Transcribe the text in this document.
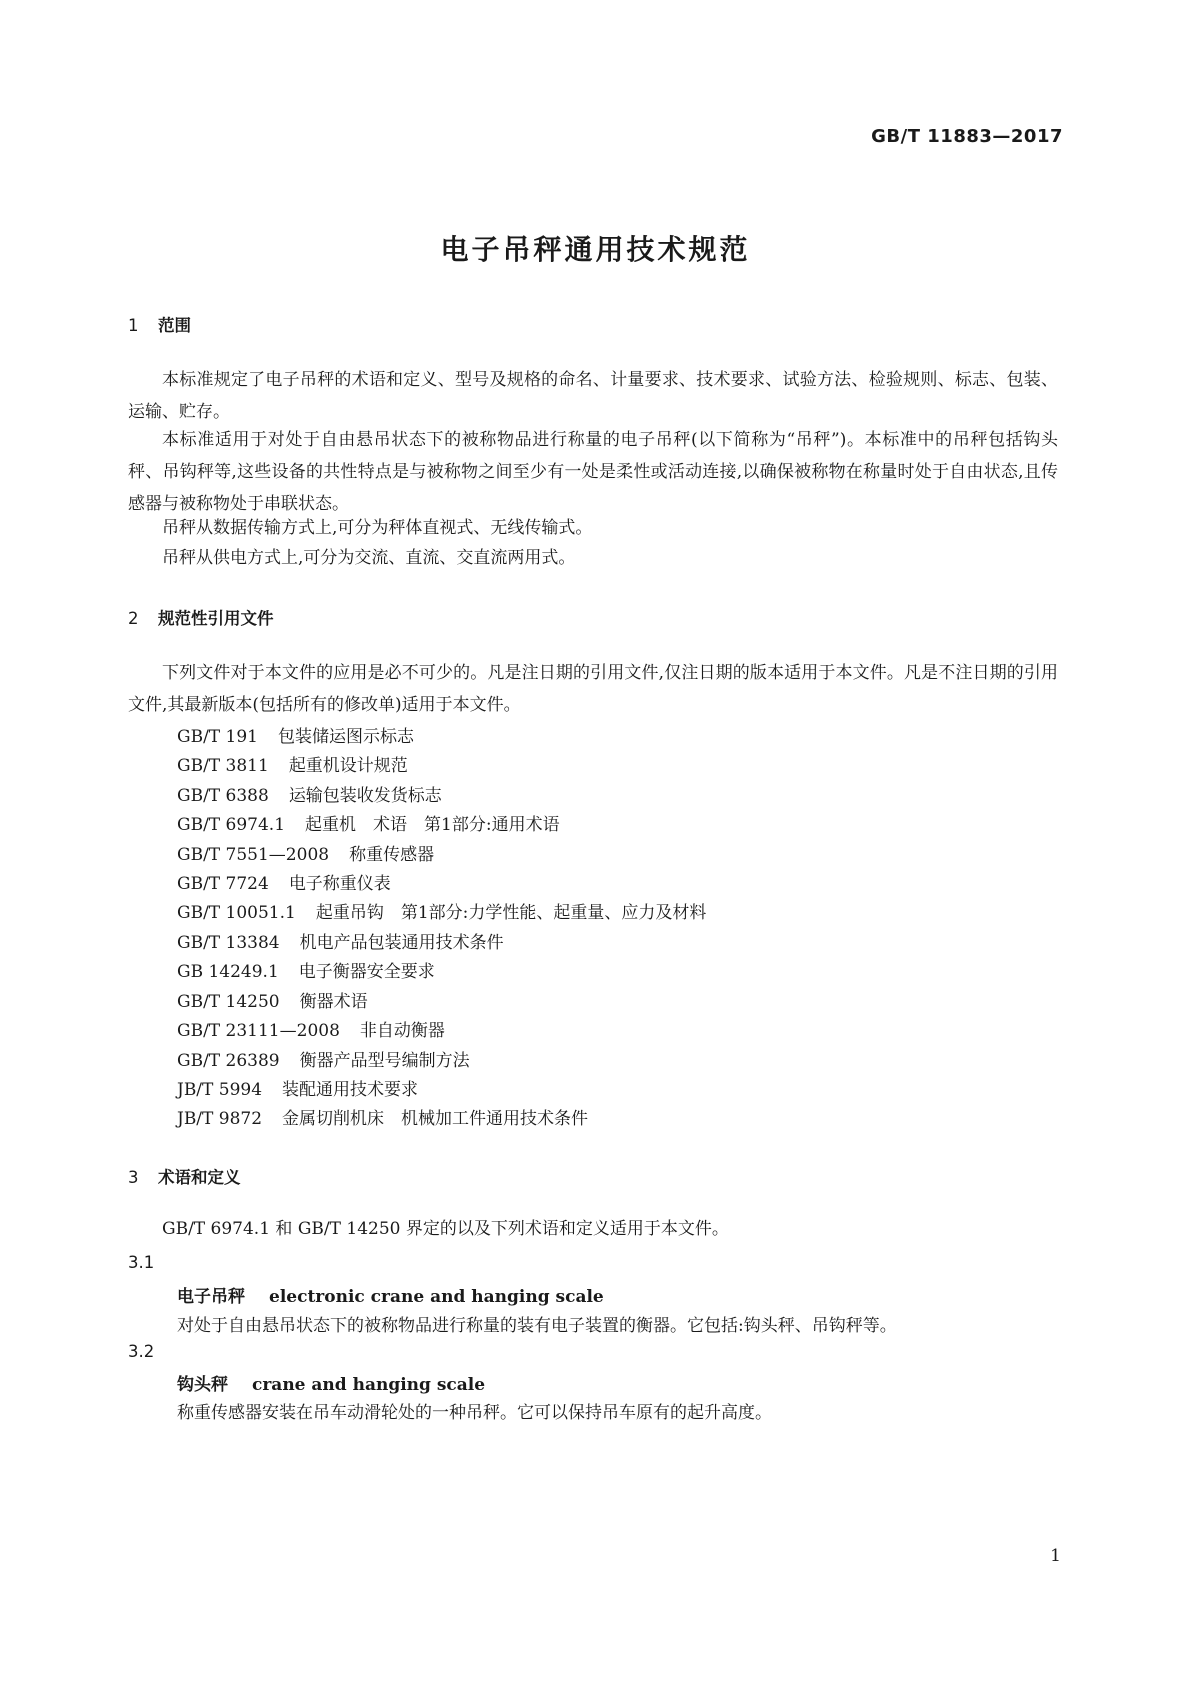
GB/T 11883—2017
电子吊秤通用技术规范
1 范围
本标准规定了电子吊秤的术语和定义、型号及规格的命名、计量要求、技术要求、试验方法、检验规则、标志、包装、运输、贮存。
本标准适用于对处于自由悬吊状态下的被称物品进行称量的电子吊秤(以下简称为“吊秤”)。本标准中的吊秤包括钩头秤、吊钩秤等,这些设备的共性特点是与被称物之间至少有一处是柔性或活动连接,以确保被称物在称量时处于自由状态,且传感器与被称物处于串联状态。
吊秤从数据传输方式上,可分为秤体直视式、无线传输式。
吊秤从供电方式上,可分为交流、直流、交直流两用式。
2 规范性引用文件
下列文件对于本文件的应用是必不可少的。凡是注日期的引用文件,仅注日期的版本适用于本文件。凡是不注日期的引用文件,其最新版本(包括所有的修改单)适用于本文件。
GB/T 191 包装储运图示标志
GB/T 3811 起重机设计规范
GB/T 6388 运输包装收发货标志
GB/T 6974.1 起重机　术语　第1部分:通用术语
GB/T 7551—2008 称重传感器
GB/T 7724 电子称重仪表
GB/T 10051.1 起重吊钩　第1部分:力学性能、起重量、应力及材料
GB/T 13384 机电产品包装通用技术条件
GB 14249.1 电子衡器安全要求
GB/T 14250 衡器术语
GB/T 23111—2008 非自动衡器
GB/T 26389 衡器产品型号编制方法
JB/T 5994 装配通用技术要求
JB/T 9872 金属切削机床　机械加工件通用技术条件
3 术语和定义
GB/T 6974.1 和 GB/T 14250 界定的以及下列术语和定义适用于本文件。
3.1
电子吊秤 electronic crane and hanging scale
对处于自由悬吊状态下的被称物品进行称量的装有电子装置的衡器。它包括:钩头秤、吊钩秤等。
3.2
钩头秤 crane and hanging scale
称重传感器安装在吊车动滑轮处的一种吊秤。它可以保持吊车原有的起升高度。
1
